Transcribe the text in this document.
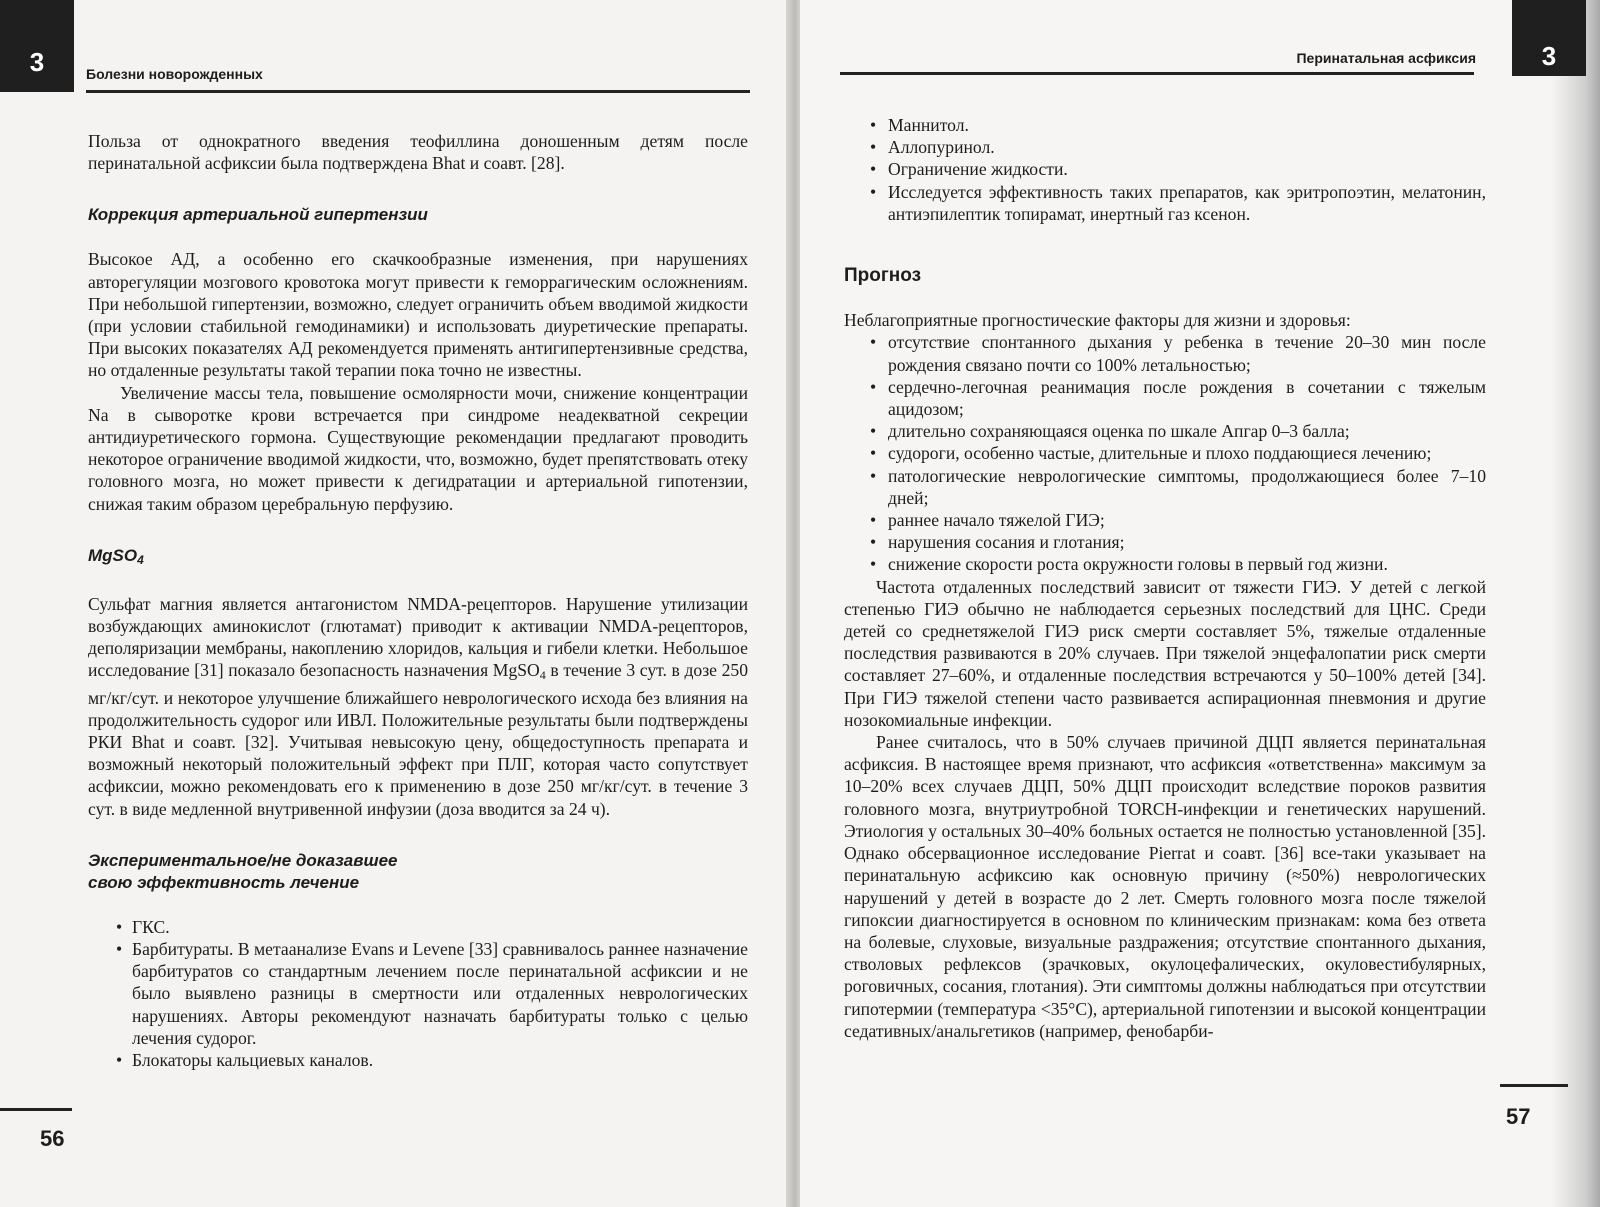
3	Болезни новорожденных

Польза от однократного введения теофиллина доношенным детям после перинатальной асфиксии была подтверждена Bhat и соавт. [28].

Коррекция артериальной гипертензии

Высокое АД, а особенно его скачкообразные изменения, при нарушениях авторегуляции мозгового кровотока могут привести к геморрагическим осложнениям. При небольшой гипертензии, возможно, следует ограничить объем вводимой жидкости (при условии стабильной гемодинамики) и использовать диуретические препараты. При высоких показателях АД рекомендуется применять антигипертензивные средства, но отдаленные результаты такой терапии пока точно не известны.

Увеличение массы тела, повышение осмолярности мочи, снижение концентрации Na в сыворотке крови встречается при синдроме неадекватной секреции антидиуретического гормона. Существующие рекомендации предлагают проводить некоторое ограничение вводимой жидкости, что, возможно, будет препятствовать отеку головного мозга, но может привести к дегидратации и артериальной гипотензии, снижая таким образом церебральную перфузию.

MgSO$_4$

Сульфат магния является антагонистом NMDA-рецепторов. Нарушение утилизации возбуждающих аминокислот (глютамат) приводит к активации NMDA-рецепторов, деполяризации мембраны, накоплению хлоридов, кальция и гибели клетки. Небольшое исследование [31] показало безопасность назначения MgSO$_4$ в течение 3 сут. в дозе 250 мг/кг/сут. и некоторое улучшение ближайшего неврологического исхода без влияния на продолжительность судорог или ИВЛ. Положительные результаты были подтверждены РКИ Bhat и соавт. [32]. Учитывая невысокую цену, общедоступность препарата и возможный некоторый положительный эффект при ПЛГ, которая часто сопутствует асфиксии, можно рекомендовать его к применению в дозе 250 мг/кг/сут. в течение 3 сут. в виде медленной внутривенной инфузии (доза вводится за 24 ч).

Экспериментальное/не доказавшее
свою эффективность лечение
• ГКС.
• Барбитураты. В метаанализе Evans и Levene [33] сравнивалось раннее назначение барбитуратов со стандартным лечением после перинатальной асфиксии и не было выявлено разницы в смертности или отдаленных неврологических нарушениях. Авторы рекомендуют назначать барбитураты только с целью лечения судорог.
• Блокаторы кальциевых каналов.
56
Перинатальная асфиксия	3
• Маннитол.
• Аллопуринол.
• Ограничение жидкости.
• Исследуется эффективность таких препаратов, как эритропоэтин, мелатонин, антиэпилептик топирамат, инертный газ ксенон.
Прогноз

Неблагоприятные прогностические факторы для жизни и здоровья:

• отсутствие спонтанного дыхания у ребенка в течение 20–30 мин после рождения связано почти со 100% летальностью;
• сердечно-легочная реанимация после рождения в сочетании с тяжелым ацидозом;
• длительно сохраняющаяся оценка по шкале Апгар 0–3 балла;
• судороги, особенно частые, длительные и плохо поддающиеся лечению;
• патологические неврологические симптомы, продолжающиеся более 7–10 дней;
• раннее начало тяжелой ГИЭ;
• нарушения сосания и глотания;
• снижение скорости роста окружности головы в первый год жизни.

Частота отдаленных последствий зависит от тяжести ГИЭ. У детей с легкой степенью ГИЭ обычно не наблюдается серьезных последствий для ЦНС. Среди детей со среднетяжелой ГИЭ риск смерти составляет 5%, тяжелые отдаленные последствия развиваются в 20% случаев. При тяжелой энцефалопатии риск смерти составляет 27–60%, и отдаленные последствия встречаются у 50–100% детей [34]. При ГИЭ тяжелой степени часто развивается аспирационная пневмония и другие нозокомиальные инфекции.

Ранее считалось, что в 50% случаев причиной ДЦП является перинатальная асфиксия. В настоящее время признают, что асфиксия «ответственна» максимум за 10–20% всех случаев ДЦП, 50% ДЦП происходит вследствие пороков развития головного мозга, внутриутробной TORCH-инфекции и генетических нарушений. Этиология у остальных 30–40% больных остается не полностью установленной [35]. Однако обсервационное исследование Pierrat и соавт. [36] все-таки указывает на перинатальную асфиксию как основную причину (≈50%) неврологических нарушений у детей в возрасте до 2 лет. Смерть головного мозга после тяжелой гипоксии диагностируется в основном по клиническим признакам: кома без ответа на болевые, слуховые, визуальные раздражения; отсутствие спонтанного дыхания, стволовых рефлексов (зрачковых, окулоцефалических, окуловестибулярных, роговичных, сосания, глотания). Эти симптомы должны наблюдаться при отсутствии гипотермии (температура <35°С), артериальной гипотензии и высокой концентрации седативных/анальгетиков (например, фенобарби-

57
